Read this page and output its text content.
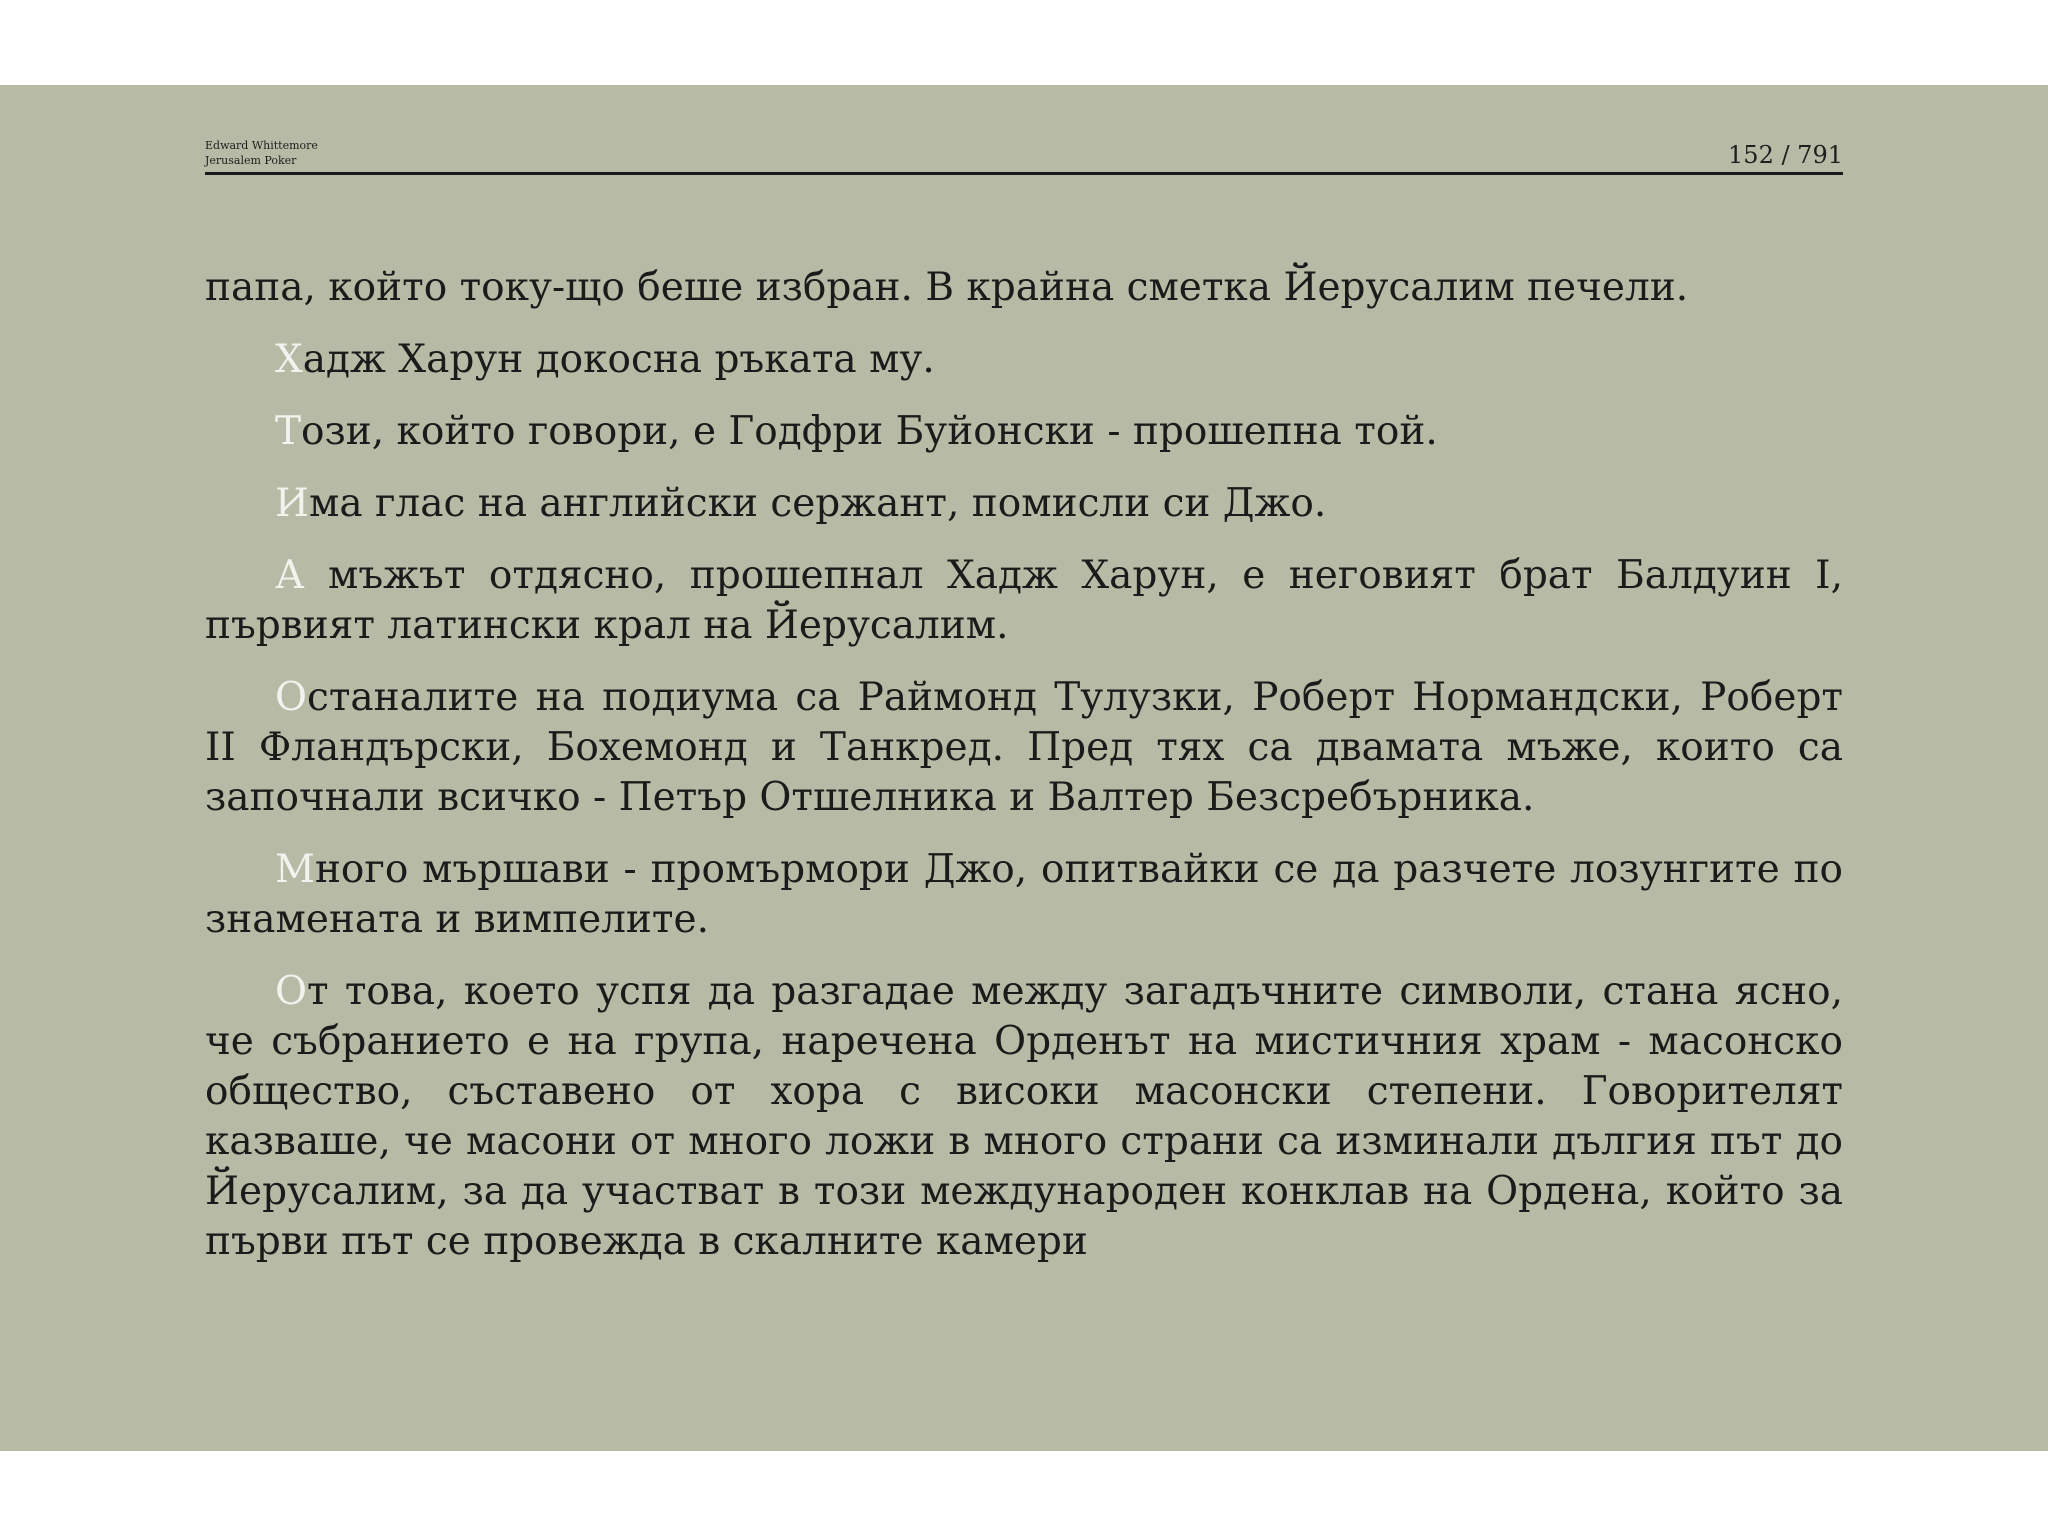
Edward Whittemore
Jerusalem Poker	152 / 791

папа, който току-що беше избран. В крайна сметка Йерусалим печели.

Хадж Харун докосна ръката му.

Този, който говори, е Годфри Буйонски - прошепна той.

Има глас на английски сержант, помисли си Джо.

А мъжът отдясно, прошепнал Хадж Харун, е неговият брат Балдуин I, първият латински крал на Йерусалим.

Останалите на подиума са Раймонд Тулузки, Роберт Нормандски, Роберт II Фландърски, Бохемонд и Танкред. Пред тях са двамата мъже, които са започнали всичко - Петър Отшелника и Валтер Безсребърника.

Много мършави - промърмори Джо, опитвайки се да разчете лозунгите по знамената и вимпелите.

От това, което успя да разгадае между загадъчните символи, стана ясно, че събранието е на група, наречена Орденът на мистичния храм - масонско общество, съставено от хора с високи масонски степени. Говорителят казваше, че масони от много ложи в много страни са изминали дългия път до Йерусалим, за да участват в този международен конклав на Ордена, който за първи път се провежда в скалните камери
